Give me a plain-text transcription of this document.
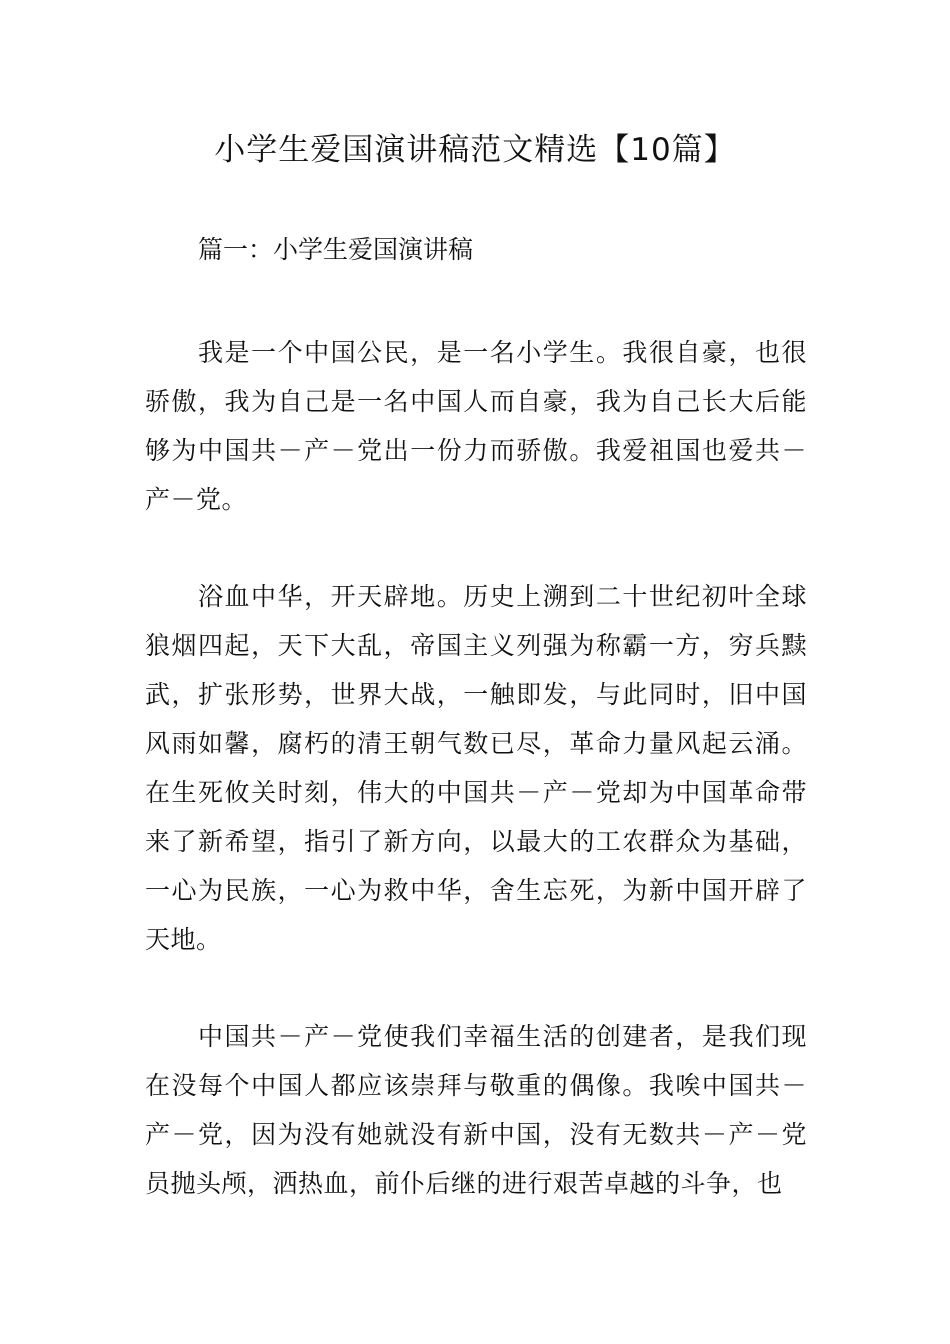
小学生爱国演讲稿范文精选【10篇】
篇一：小学生爱国演讲稿

我是一个中国公民，是一名小学生。我很自豪，也很骄傲，我为自己是一名中国人而自豪，我为自己长大后能够为中国共－产－党出一份力而骄傲。我爱祖国也爱共－产－党。

浴血中华，开天辟地。历史上溯到二十世纪初叶全球狼烟四起，天下大乱，帝国主义列强为称霸一方，穷兵黩武，扩张形势，世界大战，一触即发，与此同时，旧中国风雨如馨，腐朽的清王朝气数已尽，革命力量风起云涌。在生死攸关时刻，伟大的中国共－产－党却为中国革命带来了新希望，指引了新方向，以最大的工农群众为基础，一心为民族，一心为救中华，舍生忘死，为新中国开辟了天地。

中国共－产－党使我们幸福生活的创建者，是我们现在没每个中国人都应该崇拜与敬重的偶像。我唉中国共－产－党，因为没有她就没有新中国，没有无数共－产－党员抛头颅，洒热血，前仆后继的进行艰苦卓越的斗争，也
